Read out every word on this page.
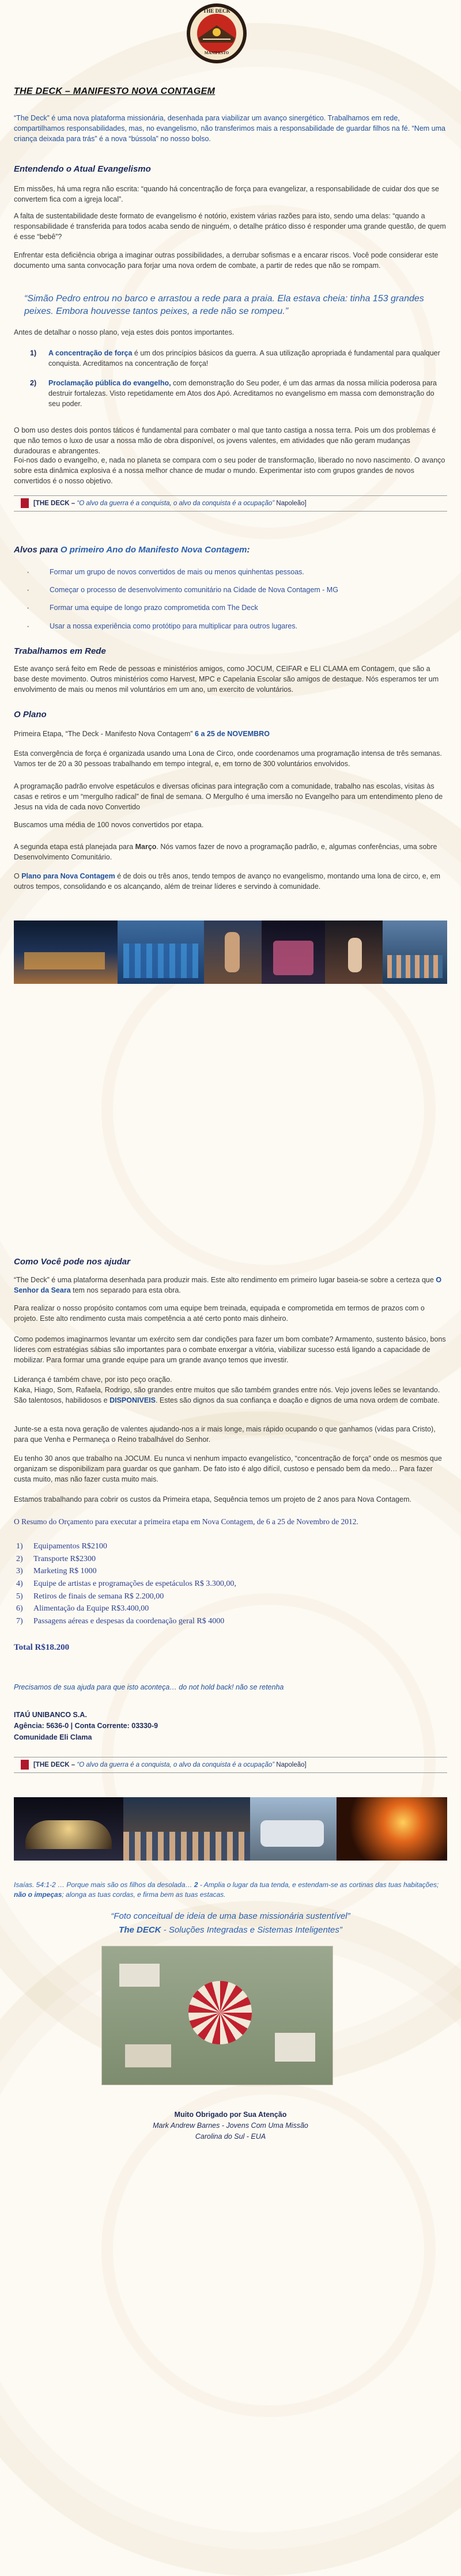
THE DECK
MANIFESTO
THE DECK – MANIFESTO NOVA CONTAGEM

“The Deck” é uma nova plataforma missionária, desenhada para viabilizar um avanço sinergético. Trabalhamos em rede, compartilhamos responsabilidades, mas, no evangelismo, não transferimos mais a responsabilidade de guardar filhos na fé. “Nem uma criança deixada para trás” é a nova “bússola” no nosso bolso.

Entendendo o Atual Evangelismo

Em missões, há uma regra não escrita: “quando há concentração de força para evangelizar, a responsabilidade de cuidar dos que se convertem fica com a igreja local”.

A falta de sustentabilidade deste formato de evangelismo é notório, existem várias razões para isto, sendo uma delas: “quando a responsabilidade é transferida para todos acaba sendo de ninguém, o detalhe prático disso é responder uma grande questão, de quem é esse “bebê”?

Enfrentar esta deficiência obriga a imaginar outras possibilidades, a derrubar sofismas e a encarar riscos. Você pode considerar este documento uma santa convocação para forjar uma nova ordem de combate, a partir de redes que não se rompam.

“Simão Pedro entrou no barco e arrastou a rede para a praia. Ela estava cheia: tinha 153 grandes peixes. Embora houvesse tantos peixes, a rede não se rompeu.”

Antes de detalhar o nosso plano, veja estes dois pontos importantes.

1) A concentração de força é um dos princípios básicos da guerra. A sua utilização apropriada é fundamental para qualquer conquista. Acreditamos na concentração de força!

2) Proclamação pública do evangelho, com demonstração do Seu poder, é um das armas da nossa milícia poderosa para destruir fortalezas. Visto repetidamente em Atos dos Apó. Acreditamos no evangelismo em massa com demonstração do seu poder.

O bom uso destes dois pontos táticos é fundamental para combater o mal que tanto castiga a nossa terra. Pois um dos problemas é que não temos o luxo de usar a nossa mão de obra disponível, os jovens valentes, em atividades que não geram mudanças duradouras e abrangentes.

Foi-nos dado o evangelho, e, nada no planeta se compara com o seu poder de transformação, liberado no novo nascimento. O avanço sobre esta dinâmica explosiva é a nossa melhor chance de mudar o mundo. Experimentar isto com grupos grandes de novos convertidos é o nosso objetivo.

[THE DECK – “O alvo da guerra é a conquista, o alvo da conquista é a ocupação” Napoleão]
Alvos para O primeiro Ano do Manifesto Nova Contagem:
· Formar um grupo de novos convertidos de mais ou menos quinhentas pessoas.
· Começar o processo de desenvolvimento comunitário na Cidade de Nova Contagem - MG
· Formar uma equipe de longo prazo comprometida com The Deck
· Usar a nossa experiência como protótipo para multiplicar para outros lugares.
Trabalhamos em Rede

Este avanço será feito em Rede de pessoas e ministérios amigos, como JOCUM, CEIFAR e ELI CLAMA em Contagem, que são a base deste movimento. Outros ministérios como Harvest, MPC e Capelania Escolar são amigos de destaque. Nós esperamos ter um envolvimento de mais ou menos mil voluntários em um ano, um exercito de voluntários.

O Plano

Primeira Etapa, “The Deck - Manifesto Nova Contagem” 6 a 25 de NOVEMBRO

Esta convergência de força é organizada usando uma Lona de Circo, onde coordenamos uma programação intensa de três semanas. Vamos ter de 20 a 30 pessoas trabalhando em tempo integral, e, em torno de 300 voluntários envolvidos.

A programação padrão envolve espetáculos e diversas oficinas para integração com a comunidade, trabalho nas escolas, visitas às casas e retiros e um “mergulho radical” de final de semana. O Mergulho é uma imersão no Evangelho para um entendimento pleno de Jesus na vida de cada novo Convertido

Buscamos uma média de 100 novos convertidos por etapa.

A segunda etapa está planejada para Março. Nós vamos fazer de novo a programação padrão, e, algumas conferências, uma sobre Desenvolvimento Comunitário.

O Plano para Nova Contagem é de dois ou três anos, tendo tempos de avanço no evangelismo, montando uma lona de circo, e, em outros tempos, consolidando e os alcançando, além de treinar líderes e servindo à comunidade.

Como Você pode nos ajudar

“The Deck” é uma plataforma desenhada para produzir mais. Este alto rendimento em primeiro lugar baseia-se sobre a certeza que O Senhor da Seara tem nos separado para esta obra.

Para realizar o nosso propósito contamos com uma equipe bem treinada, equipada e comprometida em termos de prazos com o projeto. Este alto rendimento custa mais competência a até certo ponto mais dinheiro.

Como podemos imaginarmos levantar um exército sem dar condições para fazer um bom combate? Armamento, sustento básico, bons líderes com estratégias sábias são importantes para o combate enxergar a vitória, viabilizar sucesso está ligando a capacidade de mobilizar. Para formar uma grande equipe para um grande avanço temos que investir.

Liderança é também chave, por isto peço oração.
Kaka, Hiago, Som, Rafaela, Rodrigo, são grandes entre muitos que são também grandes entre nós. Vejo jovens leões se levantando. São talentosos, habilidosos e DISPONIVEIS. Estes são dignos da sua confiança e doação e dignos de uma nova ordem de combate.

Junte-se a esta nova geração de valentes ajudando-nos a ir mais longe, mais rápido ocupando o que ganhamos (vidas para Cristo), para que Venha e Permaneça o Reino trabalhável do Senhor.

Eu tenho 30 anos que trabalho na JOCUM. Eu nunca vi nenhum impacto evangelístico, “concentração de força” onde os mesmos que organizam se disponibilizam para guardar os que ganham. De fato isto é algo difícil, custoso e pensado bem da medo… Para fazer custa muito, mas não fazer custa muito mais.

Estamos trabalhando para cobrir os custos da Primeira etapa, Sequência temos um projeto de 2 anos para Nova Contagem.

O Resumo do Orçamento para executar a primeira etapa em Nova Contagem, de 6 a 25 de Novembro de 2012.

1) Equipamentos R$2100
2) Transporte R$2300
3) Marketing R$ 1000
4) Equipe de artistas e programações de espetáculos R$ 3.300,00,
5) Retiros de finais de semana R$ 2.200,00
6) Alimentação da Equipe R$3.400,00
7) Passagens aéreas e despesas da coordenação geral R$ 4000

Total R$18.200

Precisamos de sua ajuda para que isto aconteça… do not hold back! não se retenha

ITAÚ UNIBANCO S.A.
Agência: 5636-0 | Conta Corrente: 03330-9
Comunidade Eli Clama
[THE DECK – “O alvo da guerra é a conquista, o alvo da conquista é a ocupação” Napoleão]

Isaías. 54:1-2 … Porque mais são os filhos da desolada… 2 - Amplia o lugar da tua tenda, e estendam-se as cortinas das tuas habitações; não o impeças; alonga as tuas cordas, e firma bem as tuas estacas.

“Foto conceitual de ideia de uma base missionária sustentível”

The DECK - Soluções Integradas e Sistemas Inteligentes”

Muito Obrigado por Sua Atenção

Mark Andrew Barnes - Jovens Com Uma Missão

Carolina do Sul - EUA
